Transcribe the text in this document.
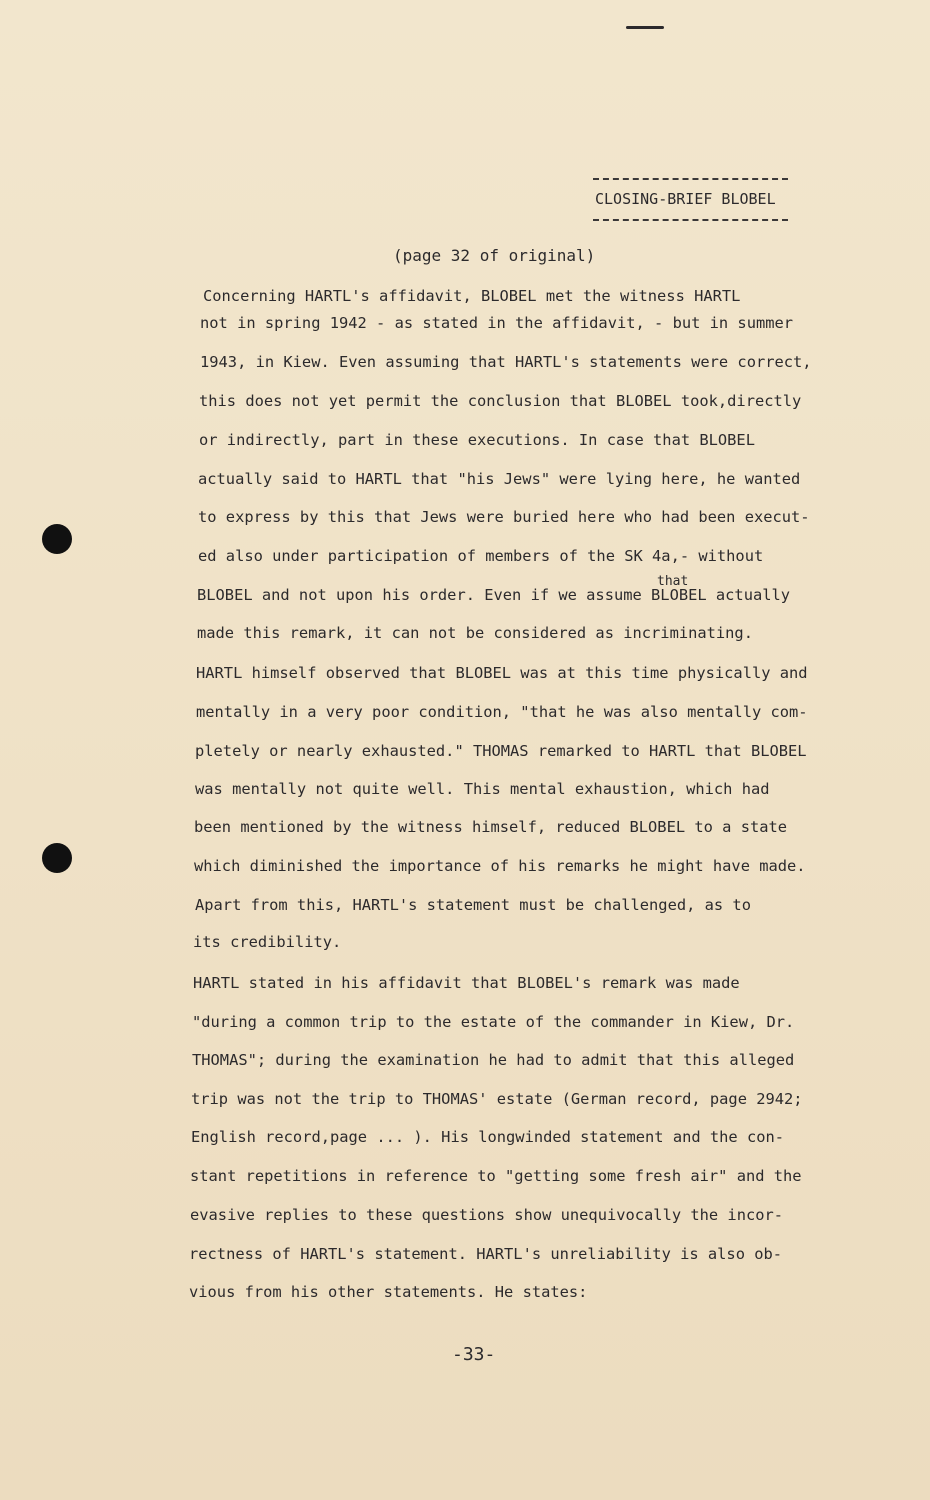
CLOSING-BRIEF BLOBEL
(page 32 of original)
Concerning HARTL's affidavit, BLOBEL met the witness HARTL
not in spring 1942 - as stated in the affidavit, - but in summer
1943, in Kiew. Even assuming that HARTL's statements were correct,
this does not yet permit the conclusion that BLOBEL took,directly
or indirectly, part in these executions. In case that BLOBEL
actually said to HARTL that "his Jews" were lying here, he wanted
to express by this that Jews were buried here who had been execut-
ed also under participation of members of the SK 4a,- without
that
BLOBEL and not upon his order. Even if we assume BLOBEL actually
made this remark, it can not be considered as incriminating.
HARTL himself observed that BLOBEL was at this time physically and
mentally in a very poor condition, "that he was also mentally com-
pletely or nearly exhausted." THOMAS remarked to HARTL that BLOBEL
was mentally not quite well. This mental exhaustion, which had
been mentioned by the witness himself, reduced BLOBEL to a state
which diminished the importance of his remarks he might have made.
Apart from this, HARTL's statement must be challenged, as to
its credibility.
HARTL stated in his affidavit that BLOBEL's remark was made
"during a common trip to the estate of the commander in Kiew, Dr.
THOMAS"; during the examination he had to admit that this alleged
trip was not the trip to THOMAS' estate (German record, page 2942;
English record,page ... ). His longwinded statement and the con-
stant repetitions in reference to "getting some fresh air" and the
evasive replies to these questions show unequivocally the incor-
rectness of HARTL's statement. HARTL's unreliability is also ob-
vious from his other statements. He states:
-33-
